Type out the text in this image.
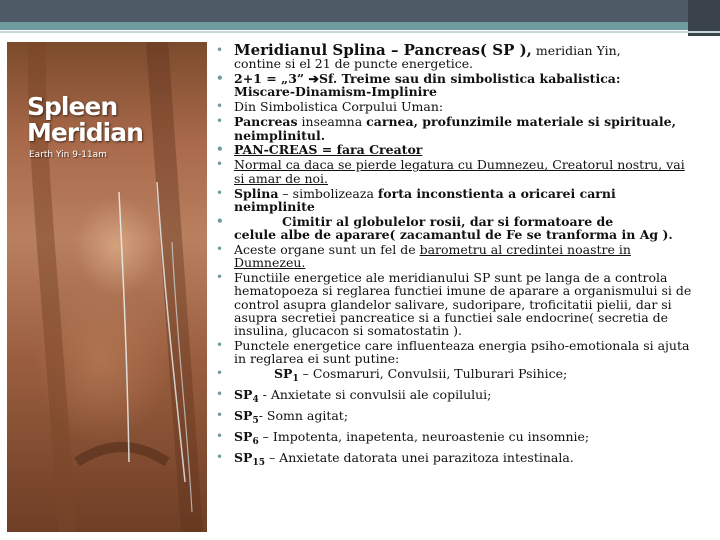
Spleen
Meridian
Earth Yin 9-11am
• Meridianul Splina – Pancreas( SP ), meridian Yin,
contine si el 21 de puncte energetice.
• 2+1 = „3” ➔Sf. Treime sau din simbolistica kabalistica:
Miscare-Dinamism-Implinire
• Din Simbolistica Corpului Uman:
• Pancreas inseamna carnea, profunzimile materiale si spirituale, neimplinitul.
• PAN-CREAS = fara Creator
• Normal ca daca se pierde legatura cu Dumnezeu, Creatorul nostru, vai si amar de noi.
• Splina – simbolizeaza forta inconstienta a oricarei carni neimplinite
• Cimitir al globulelor rosii, dar si formatoare de
celule albe de aparare( zacamantul de Fe se tranforma in Ag ).
• Aceste organe sunt un fel de barometru al credintei noastre in Dumnezeu.
• Functiile energetice ale meridianului SP sunt pe langa de a controla hematopoeza si reglarea functiei imune de aparare a organismului si de control asupra glandelor salivare, sudoripare, troficitatii pielii, dar si asupra secretiei pancreatice si a functiei sale endocrine( secretia de insulina, glucacon si somatostatin ).
• Punctele energetice care influenteaza energia psiho-emotionala si ajuta in reglarea ei sunt putine:
• $SP_1$ – Cosmaruri, Convulsii, Tulburari Psihice;
• $SP_4$ - Anxietate si convulsii ale copilului;
• $SP_5-$ Somn agitat;
• $SP_6$ – Impotenta, inapetenta, neuroastenie cu insomnie;
• $SP_{15}$ – Anxietate datorata unei parazitoza intestinala.
